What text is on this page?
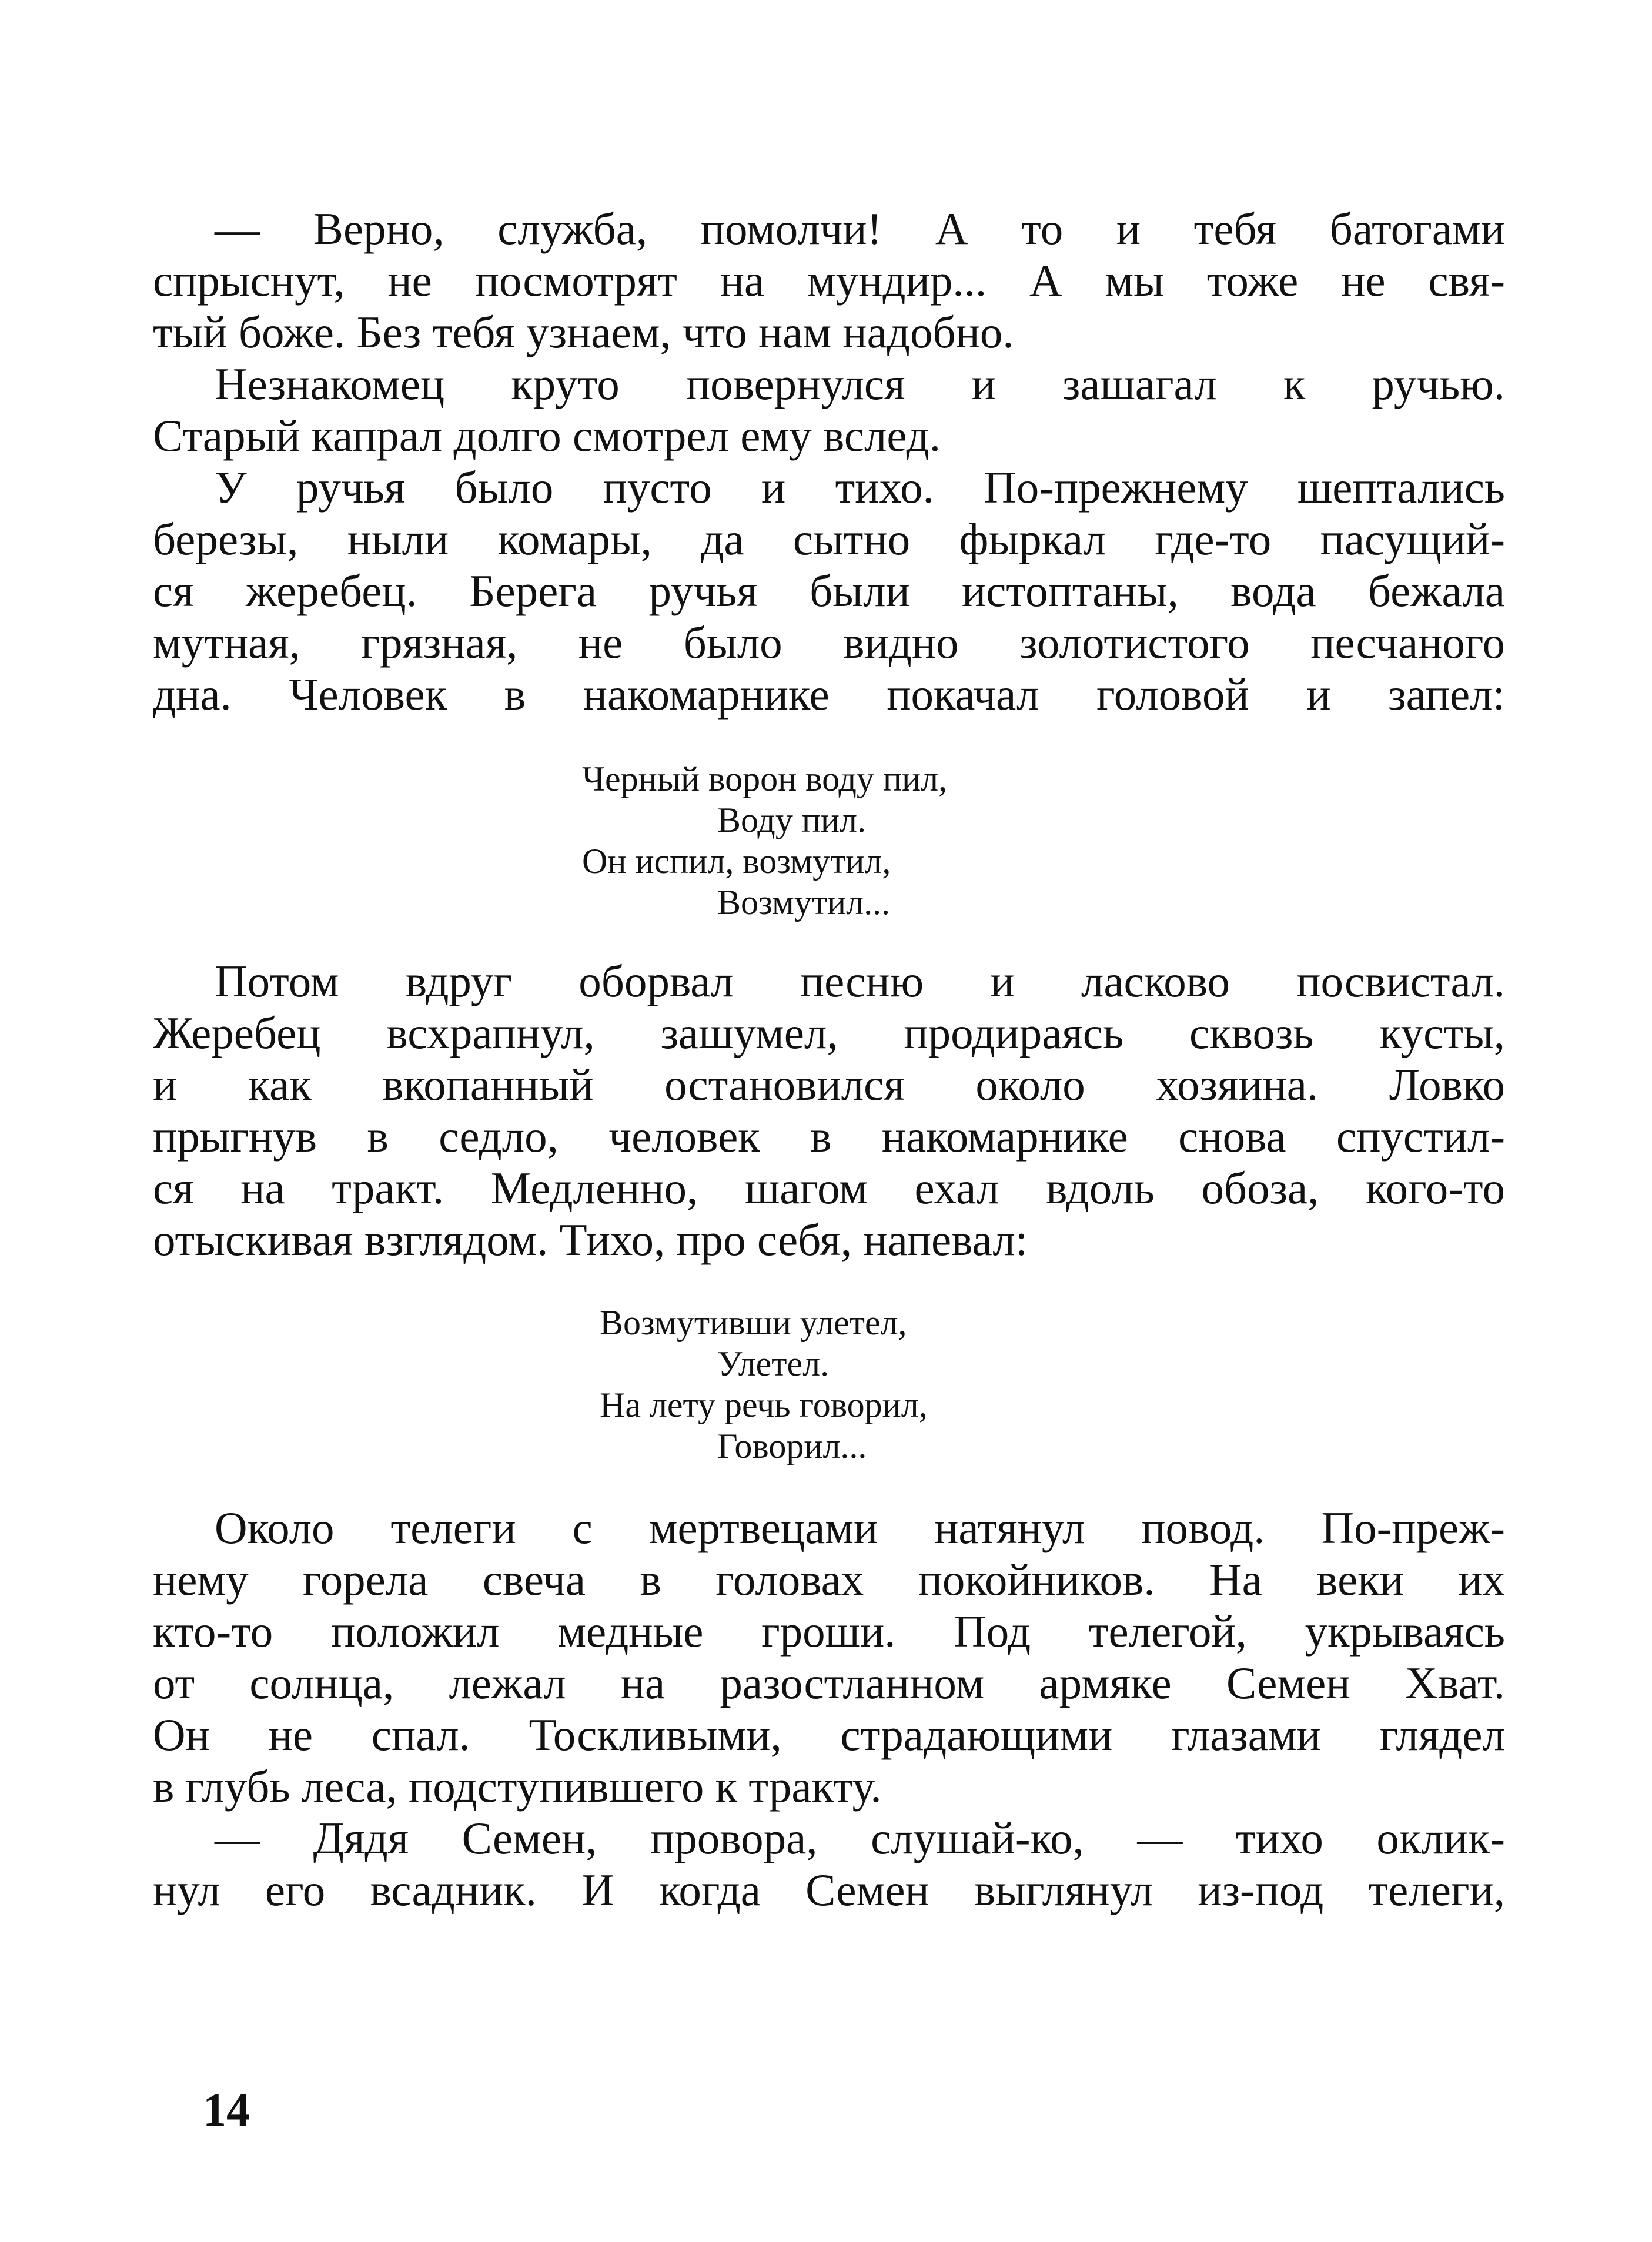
— Верно, служба, помолчи! А то и тебя батогами
спрыснут, не посмотрят на мундир... А мы тоже не свя-
тый боже. Без тебя узнаем, что нам надобно.
Незнакомец круто повернулся и зашагал к ручью.
Старый капрал долго смотрел ему вслед.
У ручья было пусто и тихо. По-прежнему шептались
березы, ныли комары, да сытно фыркал где-то пасущий-
ся жеребец. Берега ручья были истоптаны, вода бежала
мутная, грязная, не было видно золотистого песчаного
дна. Человек в накомарнике покачал головой и запел:
Черный ворон воду пил,
Воду пил.
Он испил, возмутил,
Возмутил...
Потом вдруг оборвал песню и ласково посвистал.
Жеребец всхрапнул, зашумел, продираясь сквозь кусты,
и как вкопанный остановился около хозяина. Ловко
прыгнув в седло, человек в накомарнике снова спустил-
ся на тракт. Медленно, шагом ехал вдоль обоза, кого-то
отыскивая взглядом. Тихо, про себя, напевал:
Возмутивши улетел,
Улетел.
На лету речь говорил,
Говорил...
Около телеги с мертвецами натянул повод. По-преж-
нему горела свеча в головах покойников. На веки их
кто-то положил медные гроши. Под телегой, укрываясь
от солнца, лежал на разостланном армяке Семен Хват.
Он не спал. Тоскливыми, страдающими глазами глядел
в глубь леса, подступившего к тракту.
— Дядя Семен, провора, слушай-ко, — тихо оклик-
нул его всадник. И когда Семен выглянул из-под телеги,
14
